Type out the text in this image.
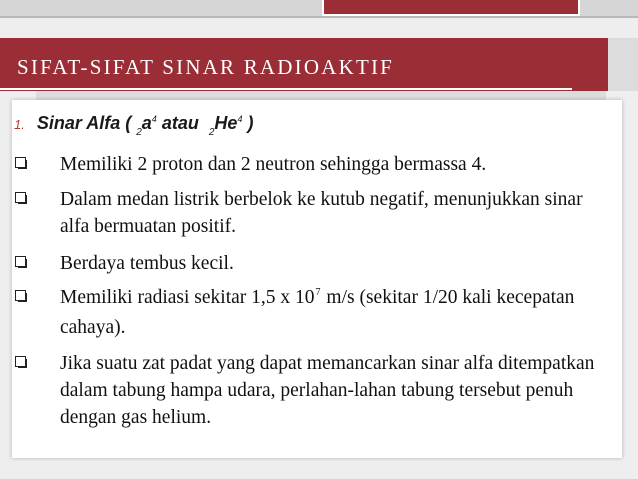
SIFAT-SIFAT SINAR RADIOAKTIF
1. Sinar Alfa ( $_2a^4$ atau $_2He^4$ )
Memiliki 2 proton dan 2 neutron sehingga bermassa 4.
Dalam medan listrik berbelok ke kutub negatif, menunjukkan sinar alfa bermuatan positif.
Berdaya tembus kecil.
Memiliki radiasi sekitar 1,5 x $10^7$ m/s (sekitar 1/20 kali kecepatan cahaya).
Jika suatu zat padat yang dapat memancarkan sinar alfa ditempatkan dalam tabung hampa udara, perlahan-lahan tabung tersebut penuh dengan gas helium.
